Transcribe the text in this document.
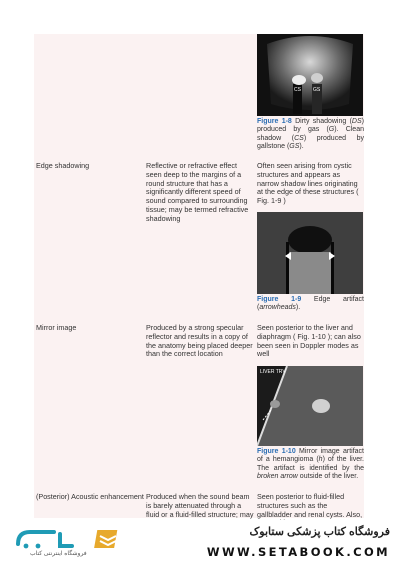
CS GS
Figure 1-8 Dirty shadowing (DS) produced by gas (G). Clean shadow (CS) produced by gallstone (GS).
Edge shadowing	Reflective or refractive effect seen deep to the margins of a round structure that has a significantly different speed of sound compared to surrounding tissue; may be termed refractive shadowing
Often seen arising from cystic structures and appears as narrow shadow lines originating at the edge of these structures ( Fig. 1-9 )
Figure 1-9 Edge artifact (arrowheads).
Mirror image	Produced by a strong specular reflector and results in a copy of the anatomy being placed deeper than the correct location
Seen posterior to the liver and diaphragm ( Fig. 1-10 ); can also been seen in Doppler modes as well
LIVER TRV
Figure 1-10 Mirror image artifact of a hemangioma (h) of the liver. The artifact is identified by the broken arrow outside of the liver.
(Posterior) Acoustic enhancement Produced when the sound beam is barely attenuated through a fluid or a fluid-filled structure; may
Seen posterior to fluid-filled structures such as the gallbladder and renal cysts. Also,
فروشگاه اینترنتی کتاب
فروشگاه کتاب پزشکی ستابوک
WWW.SETABOOK.COM
